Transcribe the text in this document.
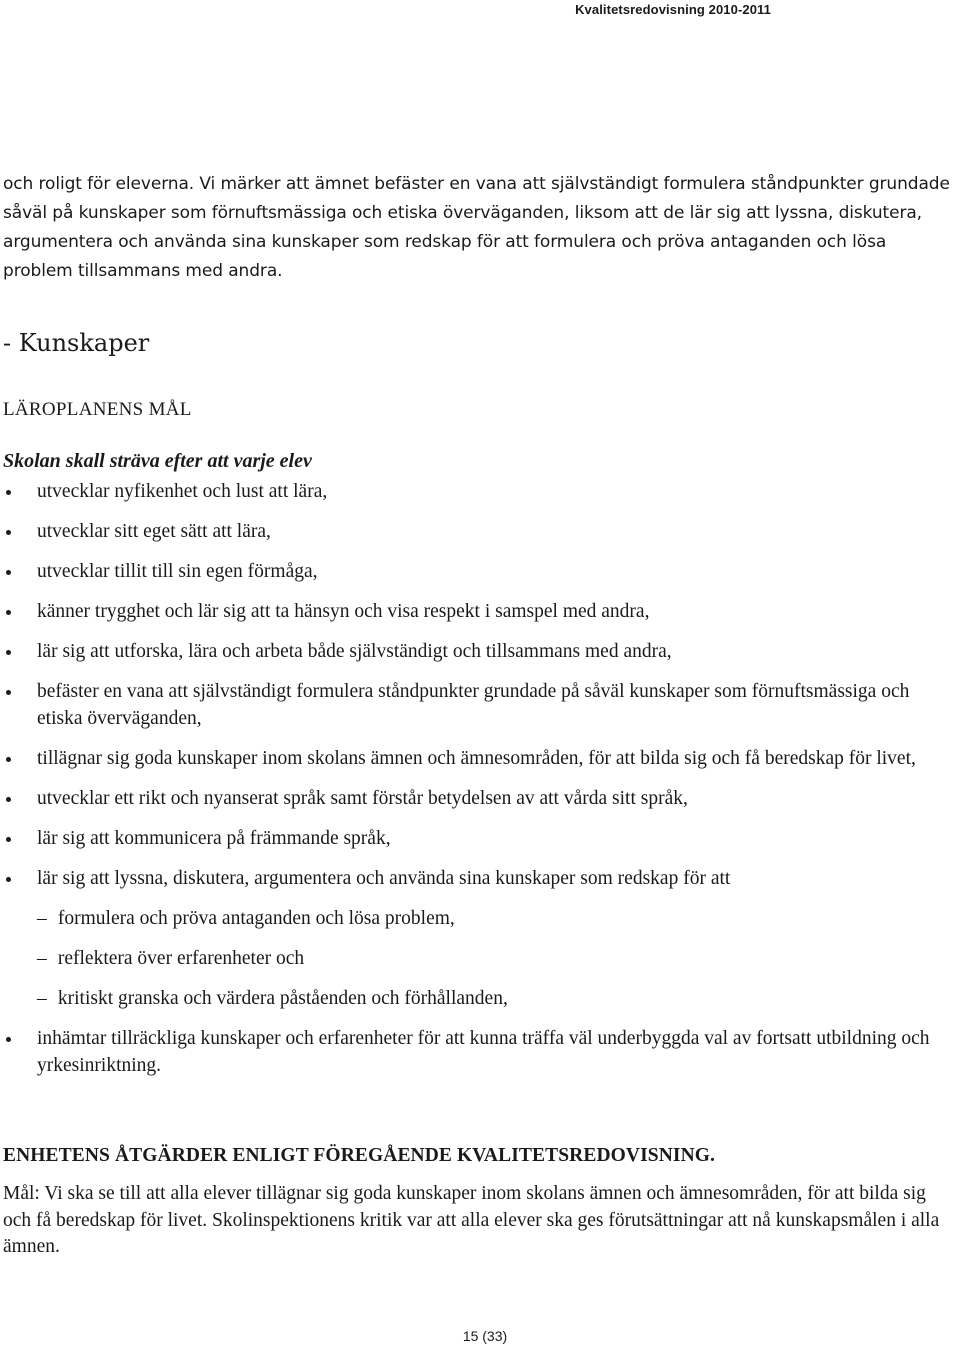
Kvalitetsredovisning 2010-2011

och roligt för eleverna. Vi märker att ämnet befäster en vana att självständigt formulera ståndpunkter grundade såväl på kunskaper som förnuftsmässiga och etiska överväganden, liksom att de lär sig att lyssna, diskutera, argumentera och använda sina kunskaper som redskap för att formulera och pröva antaganden och lösa problem tillsammans med andra.

- Kunskaper
LÄROPLANENS MÅL

Skolan skall sträva efter att varje elev

utvecklar nyfikenhet och lust att lära,
utvecklar sitt eget sätt att lära,
utvecklar tillit till sin egen förmåga,
känner trygghet och lär sig att ta hänsyn och visa respekt i samspel med andra,
lär sig att utforska, lära och arbeta både självständigt och tillsammans med andra,
befäster en vana att självständigt formulera ståndpunkter grundade på såväl kunskaper som förnuftsmässiga och etiska överväganden,
tillägnar sig goda kunskaper inom skolans ämnen och ämnesområden, för att bilda sig och få beredskap för livet,
utvecklar ett rikt och nyanserat språk samt förstår betydelsen av att vårda sitt språk,
lär sig att kommunicera på främmande språk,
lär sig att lyssna, diskutera, argumentera och använda sina kunskaper som redskap för att
– formulera och pröva antaganden och lösa problem,
– reflektera över erfarenheter och
– kritiskt granska och värdera påståenden och förhållanden,
inhämtar tillräckliga kunskaper och erfarenheter för att kunna träffa väl underbyggda val av fortsatt utbildning och yrkesinriktning.
ENHETENS ÅTGÄRDER ENLIGT FÖREGÅENDE KVALITETSREDOVISNING.

Mål: Vi ska se till att alla elever tillägnar sig goda kunskaper inom skolans ämnen och ämnesområden, för att bilda sig och få beredskap för livet. Skolinspektionens kritik var att alla elever ska ges förutsättningar att nå kunskapsmålen i alla ämnen.

15 (33)
